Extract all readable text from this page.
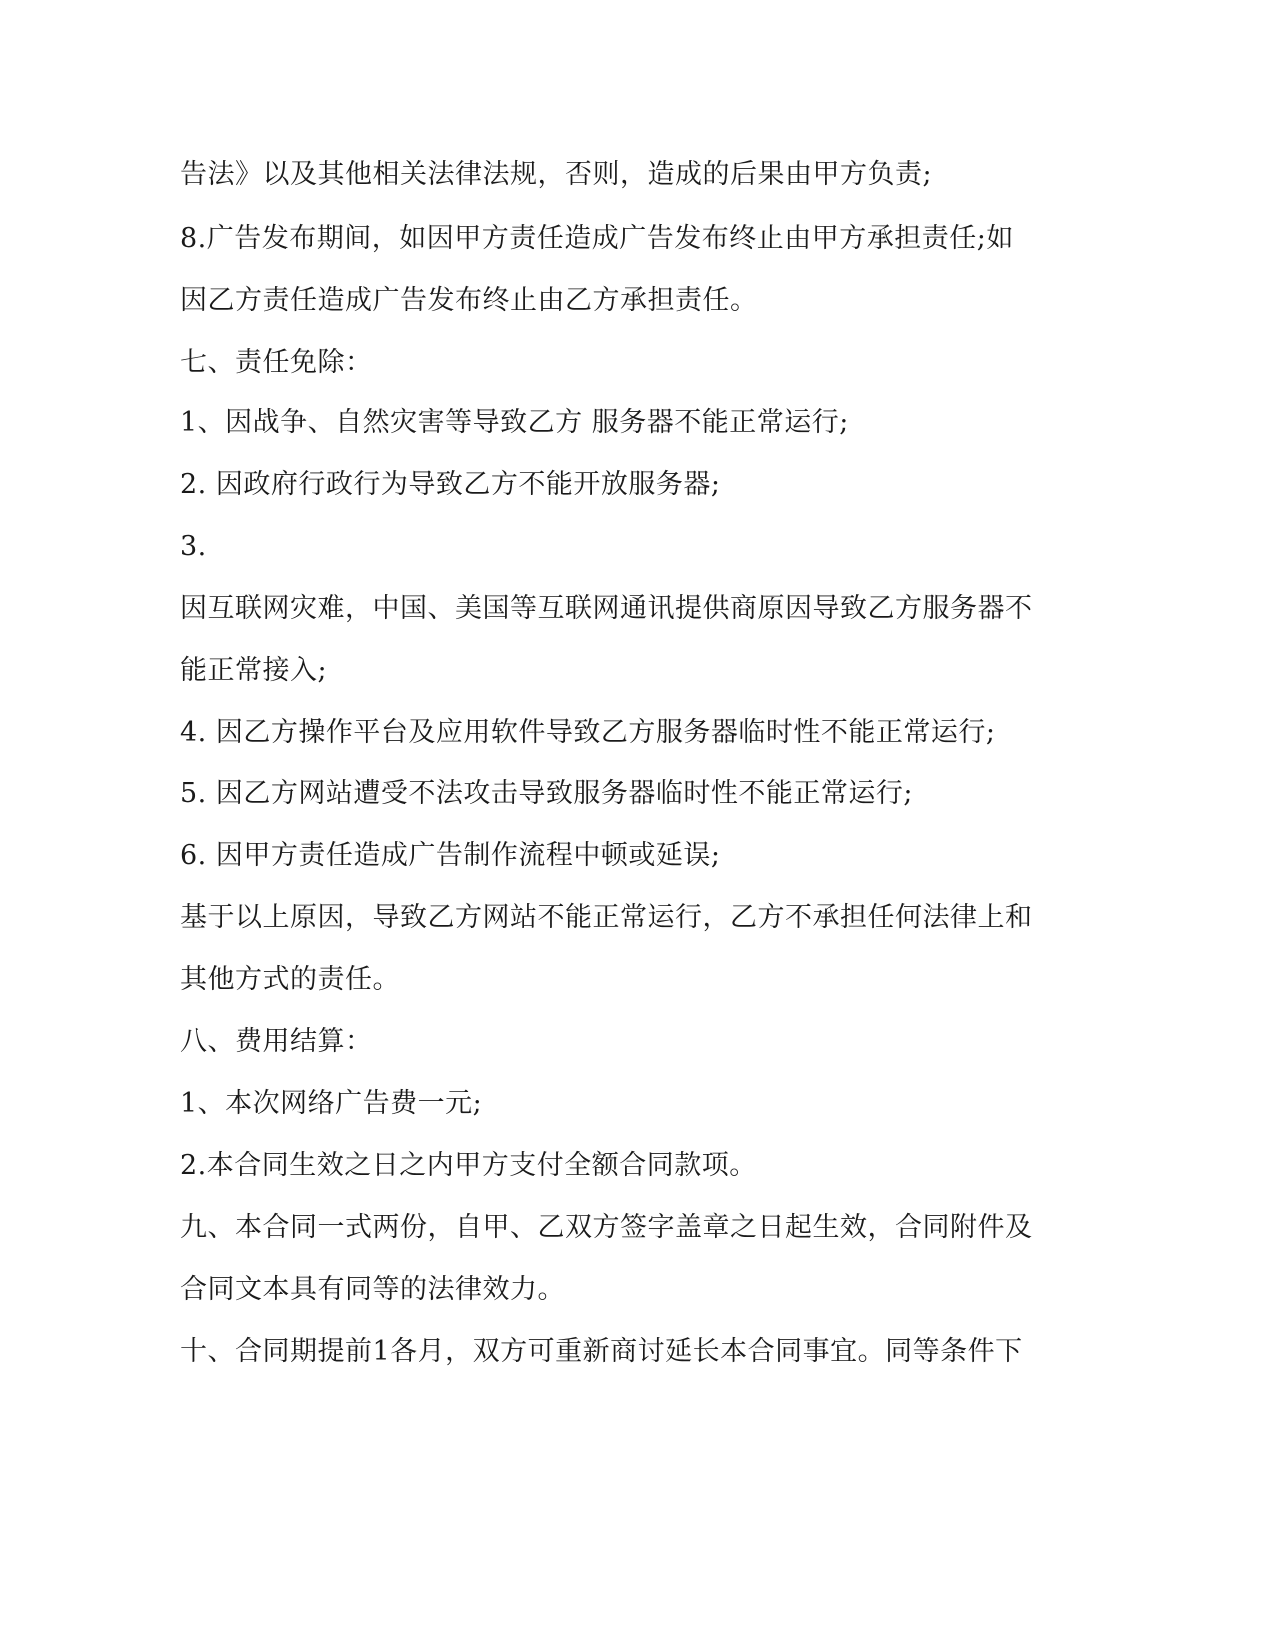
告法》以及其他相关法律法规，否则，造成的后果由甲方负责;
8.广告发布期间，如因甲方责任造成广告发布终止由甲方承担责任;如
因乙方责任造成广告发布终止由乙方承担责任。
七、责任免除：
1、因战争、自然灾害等导致乙方 服务器不能正常运行;
2. 因政府行政行为导致乙方不能开放服务器;
3.
因互联网灾难，中国、美国等互联网通讯提供商原因导致乙方服务器不
能正常接入;
4. 因乙方操作平台及应用软件导致乙方服务器临时性不能正常运行;
5. 因乙方网站遭受不法攻击导致服务器临时性不能正常运行;
6. 因甲方责任造成广告制作流程中顿或延误;
基于以上原因，导致乙方网站不能正常运行，乙方不承担任何法律上和
其他方式的责任。
八、费用结算：
1、本次网络广告费一元;
2.本合同生效之日之内甲方支付全额合同款项。
九、本合同一式两份，自甲、乙双方签字盖章之日起生效，合同附件及
合同文本具有同等的法律效力。
十、合同期提前1各月，双方可重新商讨延长本合同事宜。同等条件下
